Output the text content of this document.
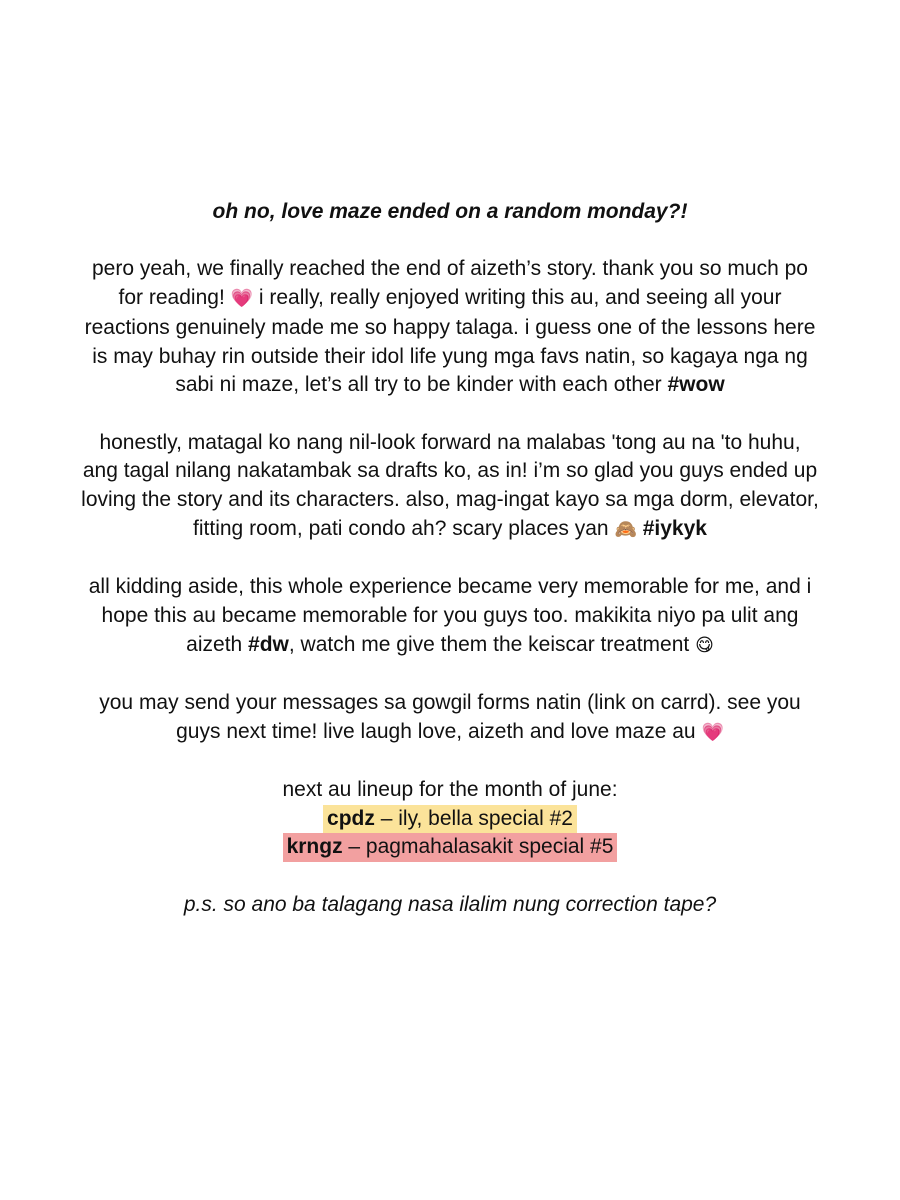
oh no, love maze ended on a random monday?!

pero yeah, we finally reached the end of aizeth’s story. thank you so much po for reading! 💗 i really, really enjoyed writing this au, and seeing all your reactions genuinely made me so happy talaga. i guess one of the lessons here is may buhay rin outside their idol life yung mga favs natin, so kagaya nga ng sabi ni maze, let’s all try to be kinder with each other #wow

honestly, matagal ko nang nil-look forward na malabas 'tong au na 'to huhu, ang tagal nilang nakatambak sa drafts ko, as in! i’m so glad you guys ended up loving the story and its characters. also, mag-ingat kayo sa mga dorm, elevator, fitting room, pati condo ah? scary places yan 🙈 #iykyk

all kidding aside, this whole experience became very memorable for me, and i hope this au became memorable for you guys too. makikita niyo pa ulit ang aizeth #dw, watch me give them the keiscar treatment 😋

you may send your messages sa gowgil forms natin (link on carrd). see you guys next time! live laugh love, aizeth and love maze au 💗

next au lineup for the month of june:
cpdz – ily, bella special #2
krngz – pagmahalasakit special #5

p.s. so ano ba talagang nasa ilalim nung correction tape?
